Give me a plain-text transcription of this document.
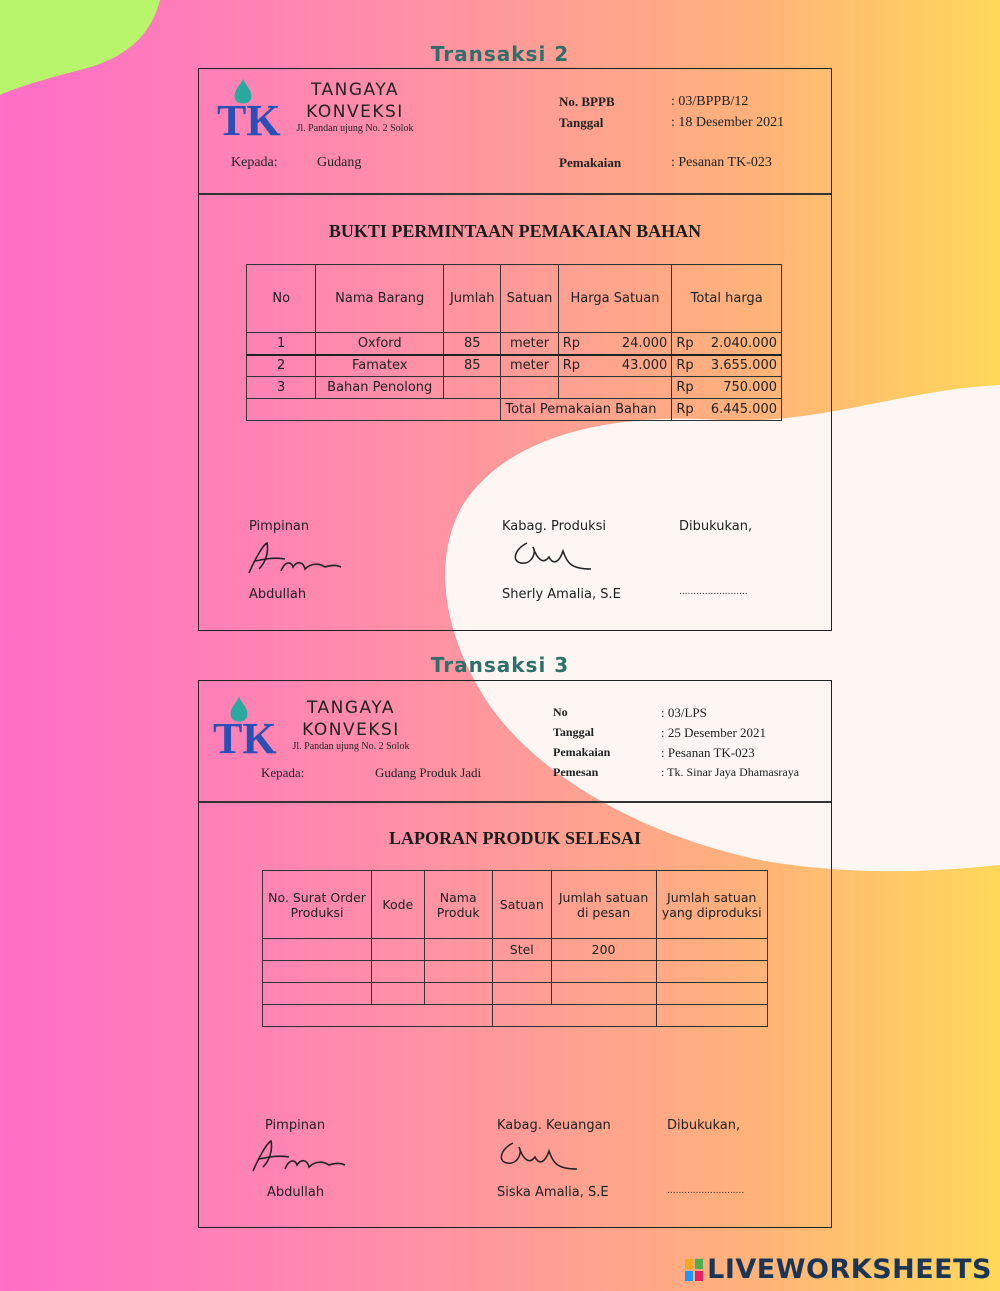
Transaksi 2
TK
TANGAYA
KONVEKSI
Jl. Pandan ujung No. 2 Solok
No. BPPB	: 03/BPPB/12
Tanggal	: 18 Desember 2021
Kepada:	Gudang	Pemakaian	: Pesanan TK-023
BUKTI PERMINTAAN PEMAKAIAN BAHAN
No	Nama Barang	Jumlah	Satuan	Harga Satuan	Total harga
1	Oxford	85	meter	Rp 24.000	Rp 2.040.000

2	Famatex	85	meter	Rp 43.000	Rp 3.655.000

3	Bahan Penolong				Rp 750.000

			Total Pemakaian Bahan		Rp 6.445.000
Pimpinan
Abdullah
Kabag. Produksi
Sherly Amalia, S.E
Dibukukan,
........................
Transaksi 3
TK
TANGAYA
KONVEKSI
Jl. Pandan ujung No. 2 Solok
No	: 03/LPS
Tanggal	: 25 Desember 2021
Pemakaian	: Pesanan TK-023
Kepada:	Gudang Produk Jadi	Pemesan	: Tk. Sinar Jaya Dhamasraya
LAPORAN PRODUK SELESAI
No. Surat Order Produksi	Kode	Nama Produk	Satuan	Jumlah satuan di pesan	Jumlah satuan yang diproduksi
			Stel	200	

Pimpinan
Abdullah
Kabag. Keuangan
Siska Amalia, S.E
Dibukukan,
...........................
LIVEWORKSHEETS
